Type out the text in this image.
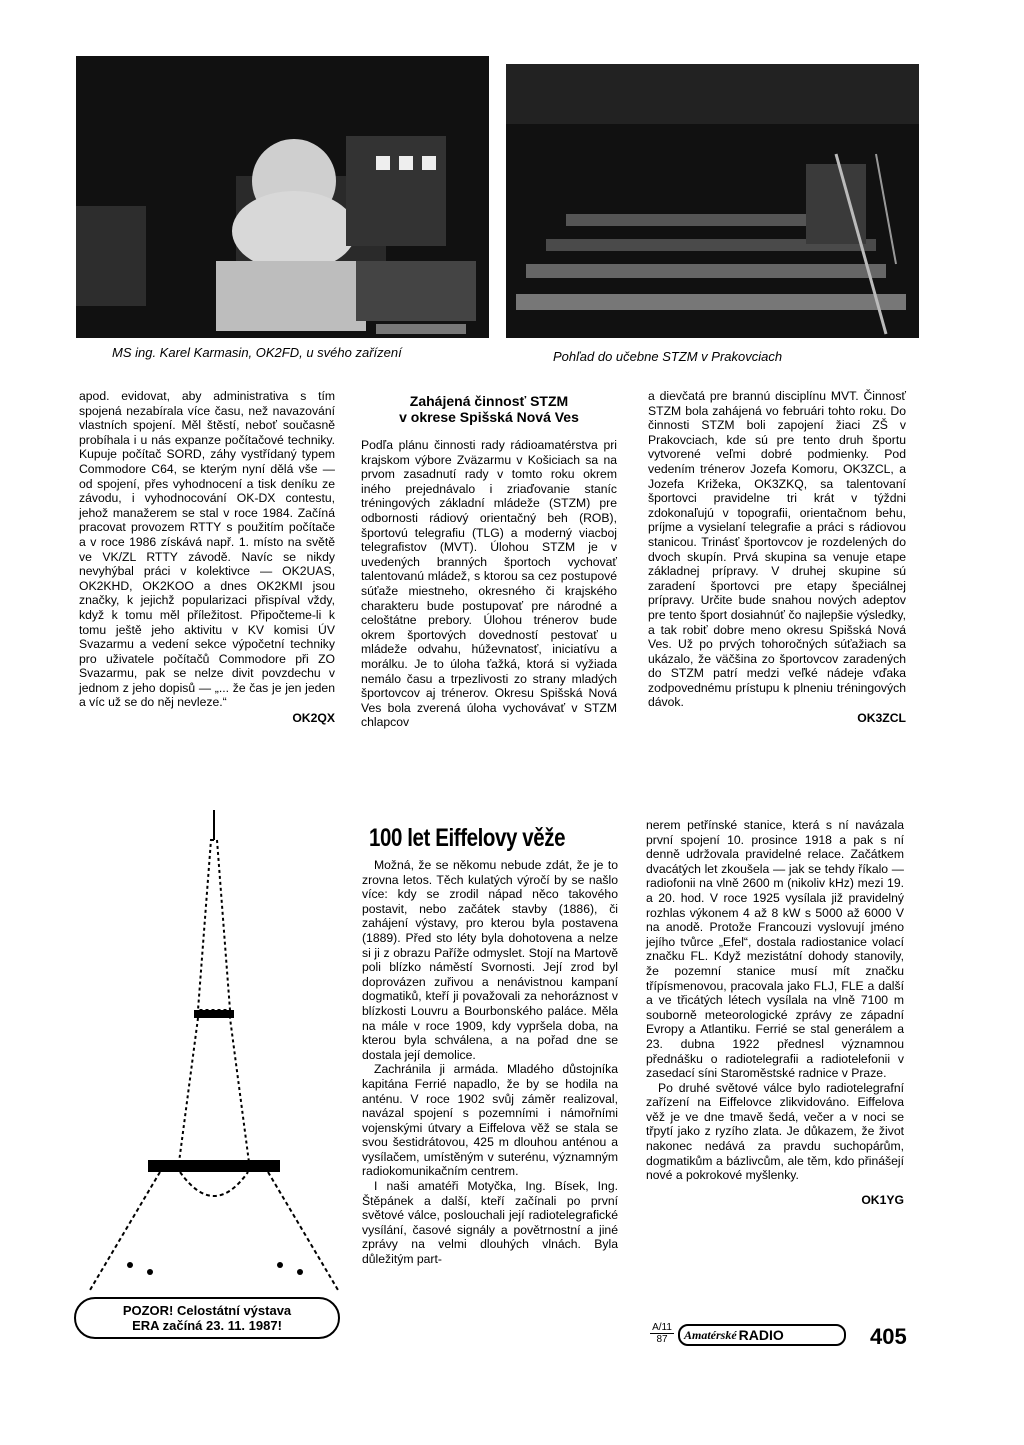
MS ing. Karel Karmasin, OK2FD, u svého zařízení	Pohľad do učebne STZM v Prakovciach

apod. evidovat, aby administrativa s tím spojená nezabírala více času, než navazování vlastních spojení. Měl štěstí, neboť současně probíhala i u nás expanze počítačové techniky. Kupuje počítač SORD, záhy vystřídaný typem Commodore C64, se kterým nyní dělá vše — od spojení, přes vyhodnocení a tisk deníku ze závodu, i vyhodnocování OK-DX contestu, jehož manažerem se stal v roce 1984. Začíná pracovat provozem RTTY s použitím počítače a v roce 1986 získává např. 1. místo na světě ve VK/ZL RTTY závodě. Navíc se nikdy nevyhýbal práci v kolektivce — OK2UAS, OK2KHD, OK2KOO a dnes OK2KMI jsou značky, k jejichž popularizaci přispíval vždy, když k tomu měl příležitost. Připočteme-li k tomu ještě jeho aktivitu v KV komisi ÚV Svazarmu a vedení sekce výpočetní techniky pro uživatele počítačů Commodore při ZO Svazarmu, pak se nelze divit povzdechu v jednom z jeho dopisů — „... že čas je jen jeden a víc už se do něj nevleze.“

OK2QX
Zahájená činnosť STZM
v okrese Spišská Nová Ves

Podľa plánu činnosti rady rádioamatérstva pri krajskom výbore Zväzarmu v Košiciach sa na prvom zasadnutí rady v tomto roku okrem iného prejednávalo i zriaďovanie staníc tréningových základní mládeže (STZM) pre odbornosti rádiový orientačný beh (ROB), športovú telegrafiu (TLG) a moderný viacboj telegrafistov (MVT). Úlohou STZM je v uvedených branných športoch vychovať talentovanú mládež, s ktorou sa cez postupové súťaže miestneho, okresného či krajského charakteru bude postupovať pre národné a celoštátne prebory. Úlohou trénerov bude okrem športových dovedností pestovať u mládeže odvahu, húževnatosť, iniciatívu a morálku. Je to úloha ťažká, ktorá si vyžiada nemálo času a trpezlivosti zo strany mladých športovcov aj trénerov. Okresu Spišská Nová Ves bola zverená úloha vychovávať v STZM chlapcov

a dievčatá pre brannú disciplínu MVT. Činnosť STZM bola zahájená vo februári tohto roku. Do činnosti STZM boli zapojení žiaci ZŠ v Prakovciach, kde sú pre tento druh športu vytvorené veľmi dobré podmienky. Pod vedením trénerov Jozefa Komoru, OK3ZCL, a Jozefa Križeka, OK3ZKQ, sa talentovaní športovci pravidelne tri krát v týždni zdokonaľujú v topografii, orientačnom behu, príjme a vysielaní telegrafie a práci s rádiovou stanicou. Trinásť športovcov je rozdelených do dvoch skupín. Prvá skupina sa venuje etape základnej prípravy. V druhej skupine sú zaradení športovci pre etapy špeciálnej prípravy. Určite bude snahou nových adeptov pre tento šport dosiahnúť čo najlepšie výsledky, a tak robiť dobre meno okresu Spišská Nová Ves. Už po prvých tohoročných súťažiach sa ukázalo, že väčšina zo športovcov zaradených do STZM patrí medzi veľké nádeje vďaka zodpovednému prístupu k plneniu tréningových dávok.

OK3ZCL
100 let Eiffelovy věže

Možná, že se někomu nebude zdát, že je to zrovna letos. Těch kulatých výročí by se našlo více: kdy se zrodil nápad něco takového postavit, nebo začátek stavby (1886), či zahájení výstavy, pro kterou byla postavena (1889). Před sto léty byla dohotovena a nelze si ji z obrazu Paříže odmyslet. Stojí na Martově poli blízko náměstí Svornosti. Její zrod byl doprovázen zuřivou a nenávistnou kampaní dogmatiků, kteří ji považovali za nehoráznost v blízkosti Louvru a Bourbonského paláce. Měla na mále v roce 1909, kdy vypršela doba, na kterou byla schválena, a na pořad dne se dostala její demolice.

Zachránila ji armáda. Mladého důstojníka kapitána Ferrié napadlo, že by se hodila na anténu. V roce 1902 svůj záměr realizoval, navázal spojení s pozemními i námořními vojenskými útvary a Eiffelova věž se stala se svou šestidrátovou, 425 m dlouhou anténou a vysílačem, umístěným v suterénu, významným radiokomunikačním centrem.

I naši amatéři Motyčka, Ing. Bísek, Ing. Štěpánek a další, kteří začínali po první světové válce, poslouchali její radiotelegrafické vysílání, časové signály a povětrnostní a jiné zprávy na velmi dlouhých vlnách. Byla důležitým part-

nerem petřínské stanice, která s ní navázala první spojení 10. prosince 1918 a pak s ní denně udržovala pravidelné relace. Začátkem dvacátých let zkoušela — jak se tehdy říkalo — radiofonii na vlně 2600 m (nikoliv kHz) mezi 19. a 20. hod. V roce 1925 vysílala již pravidelný rozhlas výkonem 4 až 8 kW s 5000 až 6000 V na anodě. Protože Francouzi vyslovují jméno jejího tvůrce „Efel“, dostala radiostanice volací značku FL. Když mezistátní dohody stanovily, že pozemní stanice musí mít značku třípísmenovou, pracovala jako FLJ, FLE a další a ve třicátých létech vysílala na vlně 7100 m souborně meteorologické zprávy ze západní Evropy a Atlantiku. Ferrié se stal generálem a 23. dubna 1922 přednesl významnou přednášku o radiotelegrafii a radiotelefonii v zasedací síni Staroměstské radnice v Praze.

Po druhé světové válce bylo radiotelegrafní zařízení na Eiffelovce zlikvidováno. Eiffelova věž je ve dne tmavě šedá, večer a v noci se třpytí jako z ryzího zlata. Je důkazem, že život nakonec nedává za pravdu suchopárům, dogmatikům a bázlivcům, ale těm, kdo přinášejí nové a pokrokové myšlenky.

OK1YG
POZOR! Celostátní výstava
ERA začíná 23. 11. 1987!	A/11
87	Amatérské RADIO	405
